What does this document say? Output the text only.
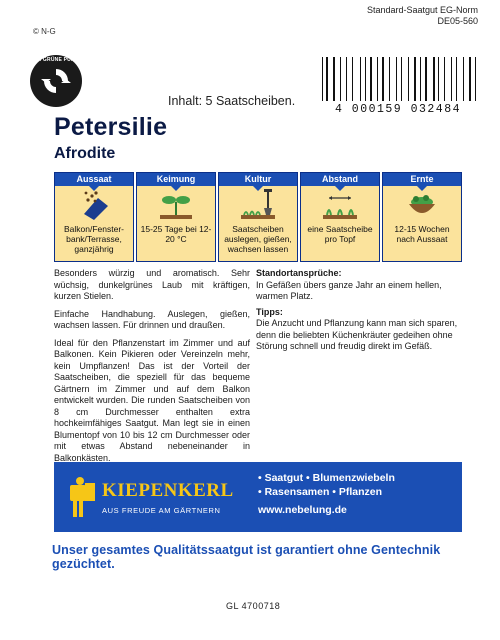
Standard-Saatgut EG-Norm
DE05-560
© N-G
DER GRÜNE PUNKT
Inhalt: 5 Saatscheiben.
4 000159 032484
Petersilie
Afrodite
Aussaat
Balkon/Fenster-bank/Terrasse, ganzjährig
Keimung
15-25 Tage bei 12-20 °C
Kultur
Saatscheiben auslegen, gießen, wachsen lassen
Abstand
eine Saatscheibe pro Topf
Ernte
12-15 Wochen nach Aussaat

Besonders würzig und aromatisch. Sehr wüchsig, dunkelgrünes Laub mit kräftigen, kurzen Stielen.

Einfache Handhabung. Auslegen, gießen, wachsen lassen. Für drinnen und draußen.

Ideal für den Pflanzenstart im Zimmer und auf Balkonen. Kein Pikieren oder Vereinzeln mehr, kein Umpflanzen! Das ist der Vorteil der Saatscheiben, die speziell für das bequeme Gärtnern im Zimmer und auf dem Balkon entwickelt wurden. Die runden Saatscheiben von 8 cm Durchmesser enthalten extra hochkeimfähiges Saatgut. Man legt sie in einen Blumentopf von 10 bis 12 cm Durchmesser oder mit etwas Abstand nebeneinander in Balkonkästen.

Standortansprüche:

In Gefäßen übers ganze Jahr an einem hellen, warmen Platz.

Tipps:

Die Anzucht und Pflanzung kann man sich sparen, denn die beliebten Küchenkräuter gedeihen ohne Störung schnell und freudig direkt im Gefäß.

KIEPENKERL
AUS FREUDE AM GÄRTNERN
• Saatgut • Blumenzwiebeln
• Rasensamen • Pflanzen
www.nebelung.de
Unser gesamtes Qualitätssaatgut ist garantiert ohne Gentechnik gezüchtet.
GL 4700718
